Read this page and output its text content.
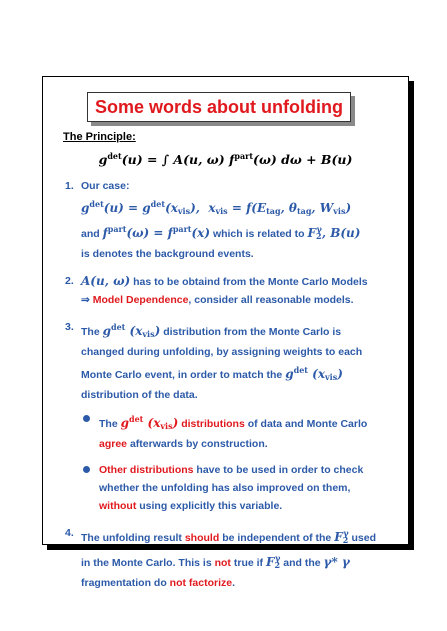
Some words about unfolding
The Principle:
$g^{det}(u)$ = ∫ A(u, ω) $f^{part}(\omega) d\omega + B(u)$
1. Our case:
$g^{det}(u) = g^{det}(x_{vis})$,  $x_{vis} = f(E_{tag}$, $\theta_{tag}$, $W_{vis}$)
and $f^{part}(\omega) = f^{part}(x)$ which is related to $F_2^\gamma$, B(u)
is denotes the background events.
2. A(u, ω) has to be obtaind from the Monte Carlo Models
⇒ Model Dependence, consider all reasonable models.
3. The $g^{det}$ $(x_{vis})$ distribution from the Monte Carlo is
changed during unfolding, by assigning weights to each
Monte Carlo event, in order to match the $g^{det}$ $(x_{vis})$
distribution of the data.
The $g^{det}$ $(x_{vis})$ distributions of data and Monte Carlo
agree afterwards by construction.
Other distributions have to be used in order to check
whether the unfolding has also improved on them,
without using explicitly this variable.
4. The unfolding result should be independent of the $F_2^\gamma$ used
in the Monte Carlo. This is not true if $F_2^\gamma$ and the γ* γ
fragmentation do not factorize.
